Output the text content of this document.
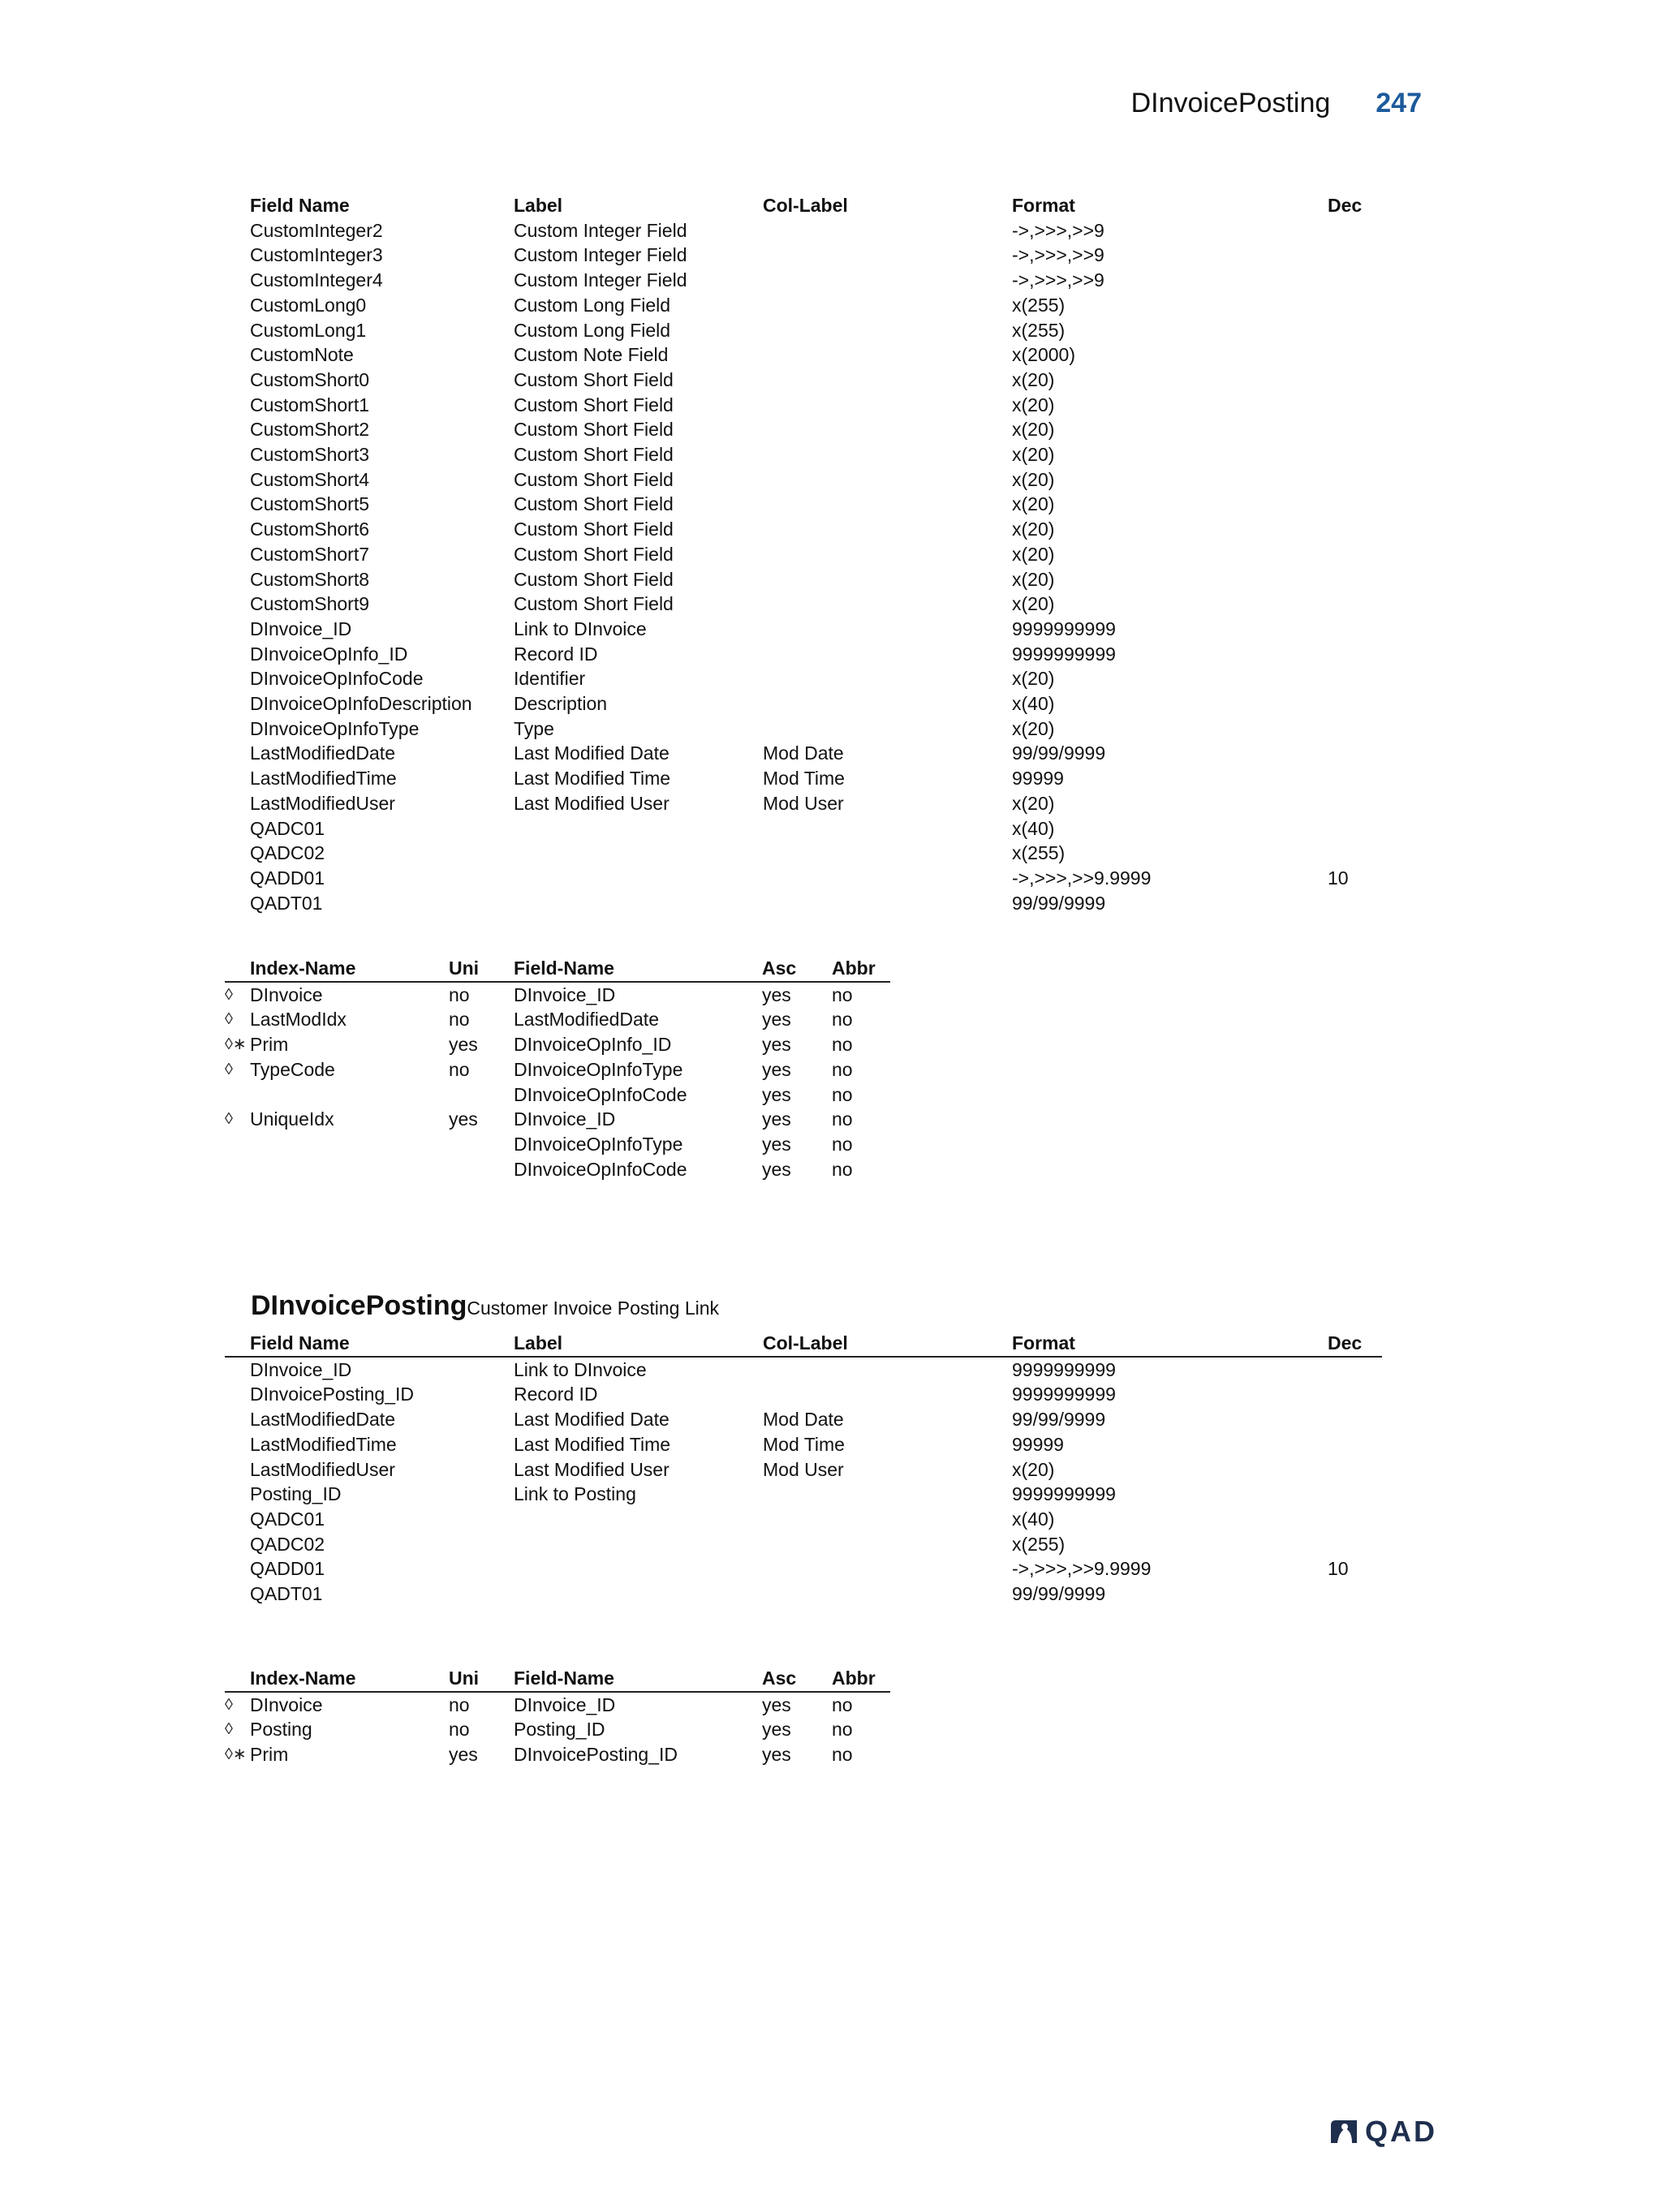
DInvoicePosting 247
	Field Name	Label	Col-Label	Format	Dec
	CustomInteger2	Custom Integer Field		->,>>>,>>9	
	CustomInteger3	Custom Integer Field		->,>>>,>>9	
	CustomInteger4	Custom Integer Field		->,>>>,>>9	
	CustomLong0	Custom Long Field		x(255)	
	CustomLong1	Custom Long Field		x(255)	
	CustomNote	Custom Note Field		x(2000)	
	CustomShort0	Custom Short Field		x(20)	
	CustomShort1	Custom Short Field		x(20)	
	CustomShort2	Custom Short Field		x(20)	
	CustomShort3	Custom Short Field		x(20)	
	CustomShort4	Custom Short Field		x(20)	
	CustomShort5	Custom Short Field		x(20)	
	CustomShort6	Custom Short Field		x(20)	
	CustomShort7	Custom Short Field		x(20)	
	CustomShort8	Custom Short Field		x(20)	
	CustomShort9	Custom Short Field		x(20)	
	DInvoice_ID	Link to DInvoice		9999999999	
	DInvoiceOpInfo_ID	Record ID		9999999999	
	DInvoiceOpInfoCode	Identifier		x(20)	
	DInvoiceOpInfoDescription	Description		x(40)	
	DInvoiceOpInfoType	Type		x(20)	
	LastModifiedDate	Last Modified Date	Mod Date	99/99/9999	
	LastModifiedTime	Last Modified Time	Mod Time	99999	
	LastModifiedUser	Last Modified User	Mod User	x(20)	
	QADC01			x(40)	
	QADC02			x(255)	
	QADD01			->,>>>,>>9.9999	10
	QADT01			99/99/9999	
	Index-Name	Uni	Field-Name	Asc	Abbr
◊	DInvoice	no	DInvoice_ID	yes	no
◊	LastModIdx	no	LastModifiedDate	yes	no
◊∗	Prim	yes	DInvoiceOpInfo_ID	yes	no
◊	TypeCode	no	DInvoiceOpInfoType	yes	no
			DInvoiceOpInfoCode	yes	no
◊	UniqueIdx	yes	DInvoice_ID	yes	no
			DInvoiceOpInfoType	yes	no
			DInvoiceOpInfoCode	yes	no
DInvoicePostingCustomer Invoice Posting Link
	Field Name	Label	Col-Label	Format	Dec
	DInvoice_ID	Link to DInvoice		9999999999	
	DInvoicePosting_ID	Record ID		9999999999	
	LastModifiedDate	Last Modified Date	Mod Date	99/99/9999	
	LastModifiedTime	Last Modified Time	Mod Time	99999	
	LastModifiedUser	Last Modified User	Mod User	x(20)	
	Posting_ID	Link to Posting		9999999999	
	QADC01			x(40)	
	QADC02			x(255)	
	QADD01			->,>>>,>>9.9999	10
	QADT01			99/99/9999	
	Index-Name	Uni	Field-Name	Asc	Abbr
◊	DInvoice	no	DInvoice_ID	yes	no
◊	Posting	no	Posting_ID	yes	no
◊∗	Prim	yes	DInvoicePosting_ID	yes	no
QAD
